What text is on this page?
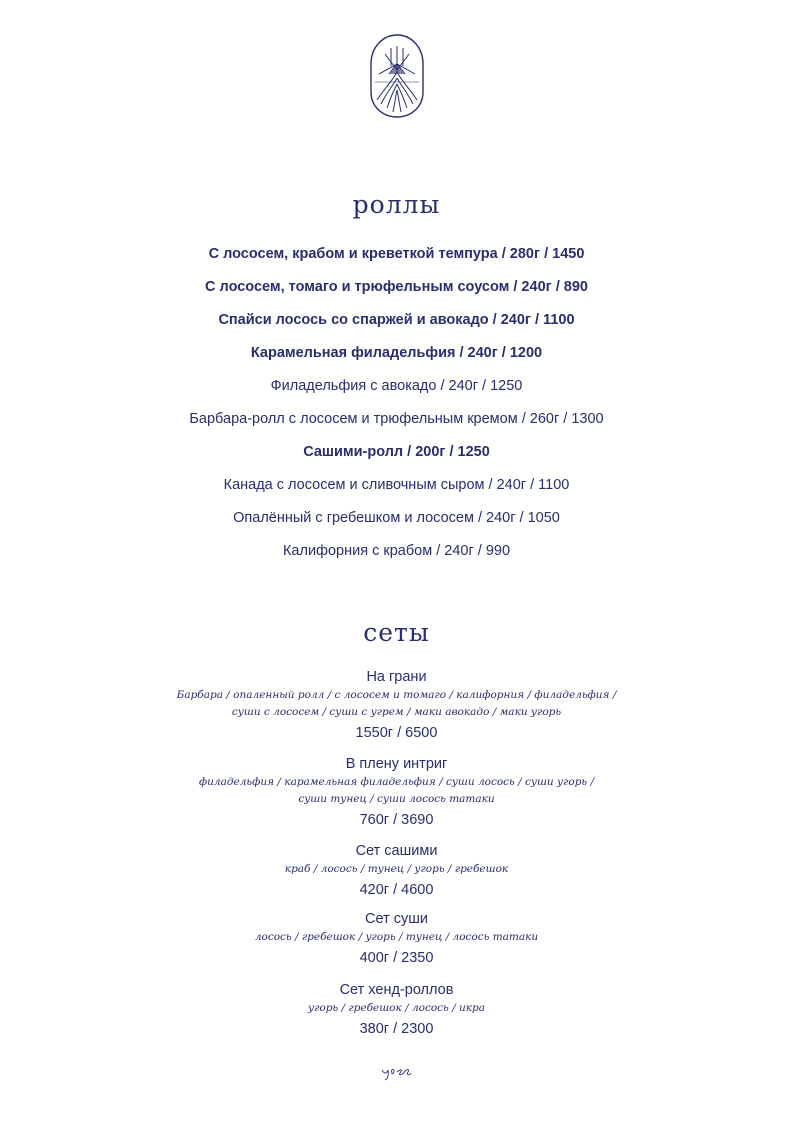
роллы
С лососем, крабом и креветкой темпура / 280г / 1450
С лососем, томаго и трюфельным соусом / 240г / 890
Спайси лосось со спаржей и авокадо / 240г / 1100
Карамельная филадельфия / 240г / 1200
Филадельфия с авокадо / 240г / 1250
Барбара-ролл с лососем и трюфельным кремом / 260г / 1300
Сашими-ролл / 200г / 1250
Канада с лососем и сливочным сыром / 240г / 1100
Опалённый с гребешком и лососем / 240г / 1050
Калифорния с крабом / 240г / 990
сеты
На грани
Барбара / опаленный ролл / с лососем и томаго / калифорния / филадельфия /
суши с лососем / суши с угрем / маки авокадо / маки угорь
1550г / 6500
В плену интриг
филадельфия / карамельная филадельфия / суши лосось / суши угорь /
суши тунец / суши лосось татаки
760г / 3690
Сет сашими
краб / лосось / тунец / угорь / гребешок
420г / 4600
Сет суши
лосось / гребешок / угорь / тунец / лосось татаки
400г / 2350
Сет хенд-роллов
угорь / гребешок / лосось / икра
380г / 2300
